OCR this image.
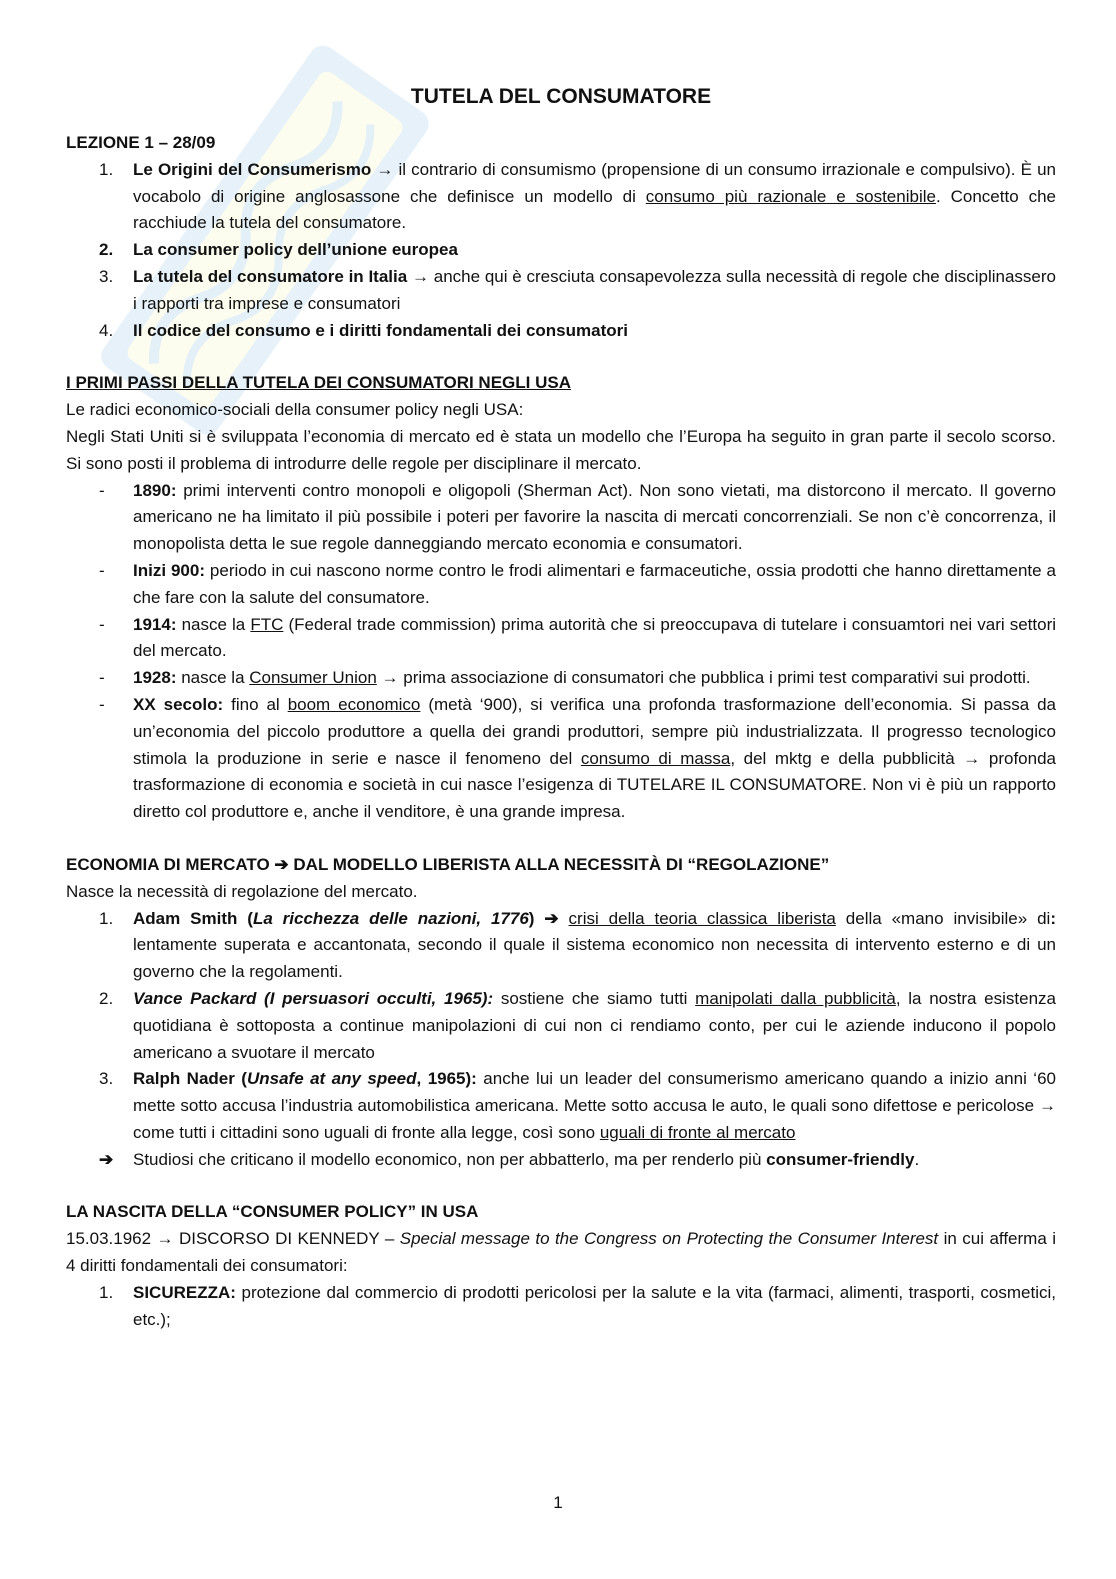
TUTELA DEL CONSUMATORE

LEZIONE 1 – 28/09

1.	Le Origini del Consumerismo → il contrario di consumismo (propensione di un consumo irrazionale e compulsivo). È un vocabolo di origine anglosassone che definisce un modello di consumo più razionale e sostenibile. Concetto che racchiude la tutela del consumatore.
2.	La consumer policy dell’unione europea
3.	La tutela del consumatore in Italia → anche qui è cresciuta consapevolezza sulla necessità di regole che disciplinassero i rapporti tra imprese e consumatori
4.	Il codice del consumo e i diritti fondamentali dei consumatori

I PRIMI PASSI DELLA TUTELA DEI CONSUMATORI NEGLI USA

Le radici economico-sociali della consumer policy negli USA:

Negli Stati Uniti si è sviluppata l’economia di mercato ed è stata un modello che l’Europa ha seguito in gran parte il secolo scorso. Si sono posti il problema di introdurre delle regole per disciplinare il mercato.

- 1890: primi interventi contro monopoli e oligopoli (Sherman Act). Non sono vietati, ma distorcono il mercato. Il governo americano ne ha limitato il più possibile i poteri per favorire la nascita di mercati concorrenziali. Se non c’è concorrenza, il monopolista detta le sue regole danneggiando mercato economia e consumatori.
- Inizi 900: periodo in cui nascono norme contro le frodi alimentari e farmaceutiche, ossia prodotti che hanno direttamente a che fare con la salute del consumatore.
- 1914: nasce la FTC (Federal trade commission) prima autorità che si preoccupava di tutelare i consuamtori nei vari settori del mercato.
- 1928: nasce la Consumer Union → prima associazione di consumatori che pubblica i primi test comparativi sui prodotti.
- XX secolo: fino al boom economico (metà ‘900), si verifica una profonda trasformazione dell’economia. Si passa da un’economia del piccolo produttore a quella dei grandi produttori, sempre più industrializzata. Il progresso tecnologico stimola la produzione in serie e nasce il fenomeno del consumo di massa, del mktg e della pubblicità → profonda trasformazione di economia e società in cui nasce l’esigenza di TUTELARE IL CONSUMATORE. Non vi è più un rapporto diretto col produttore e, anche il venditore, è una grande impresa.

ECONOMIA DI MERCATO ➔ DAL MODELLO LIBERISTA ALLA NECESSITÀ DI “REGOLAZIONE”

Nasce la necessità di regolazione del mercato.

1.	Adam Smith (La ricchezza delle nazioni, 1776) ➔ crisi della teoria classica liberista della «mano invisibile» di: lentamente superata e accantonata, secondo il quale il sistema economico non necessita di intervento esterno e di un governo che la regolamenti.
2.	Vance Packard (I persuasori occulti, 1965): sostiene che siamo tutti manipolati dalla pubblicità, la nostra esistenza quotidiana è sottoposta a continue manipolazioni di cui non ci rendiamo conto, per cui le aziende inducono il popolo americano a svuotare il mercato
3.	Ralph Nader (Unsafe at any speed, 1965): anche lui un leader del consumerismo americano quando a inizio anni ‘60 mette sotto accusa l’industria automobilistica americana. Mette sotto accusa le auto, le quali sono difettose e pericolose → come tutti i cittadini sono uguali di fronte alla legge, così sono uguali di fronte al mercato
➔ Studiosi che criticano il modello economico, non per abbatterlo, ma per renderlo più consumer-friendly.

LA NASCITA DELLA “CONSUMER POLICY” IN USA

15.03.1962 → DISCORSO DI KENNEDY – Special message to the Congress on Protecting the Consumer Interest in cui afferma i 4 diritti fondamentali dei consumatori:

1.	SICUREZZA: protezione dal commercio di prodotti pericolosi per la salute e la vita (farmaci, alimenti, trasporti, cosmetici, etc.);
1
